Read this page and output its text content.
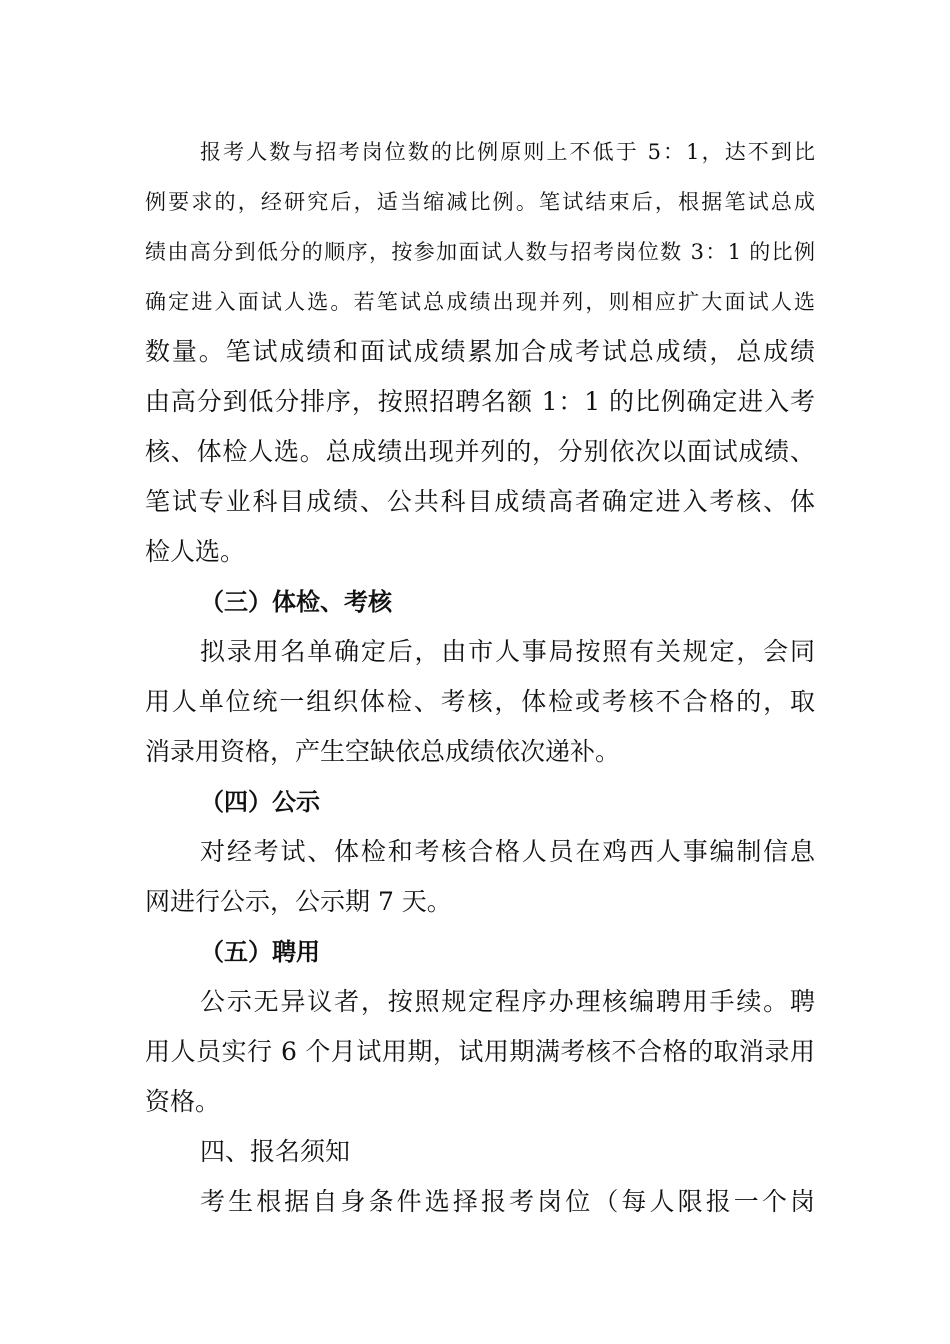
报考人数与招考岗位数的比例原则上不低于 5：1，达不到比
例要求的，经研究后，适当缩减比例。笔试结束后，根据笔试总成
绩由高分到低分的顺序，按参加面试人数与招考岗位数 3：1 的比例
确定进入面试人选。若笔试总成绩出现并列，则相应扩大面试人选
数量。笔试成绩和面试成绩累加合成考试总成绩，总成绩
由高分到低分排序，按照招聘名额 1：1 的比例确定进入考
核、体检人选。总成绩出现并列的，分别依次以面试成绩、
笔试专业科目成绩、公共科目成绩高者确定进入考核、体
检人选。
（三）体检、考核
拟录用名单确定后，由市人事局按照有关规定，会同
用人单位统一组织体检、考核，体检或考核不合格的，取
消录用资格，产生空缺依总成绩依次递补。
（四）公示
对经考试、体检和考核合格人员在鸡西人事编制信息
网进行公示，公示期 7 天。
（五）聘用
公示无异议者，按照规定程序办理核编聘用手续。聘
用人员实行 6 个月试用期，试用期满考核不合格的取消录用
资格。
四、报名须知
考生根据自身条件选择报考岗位（每人限报一个岗
